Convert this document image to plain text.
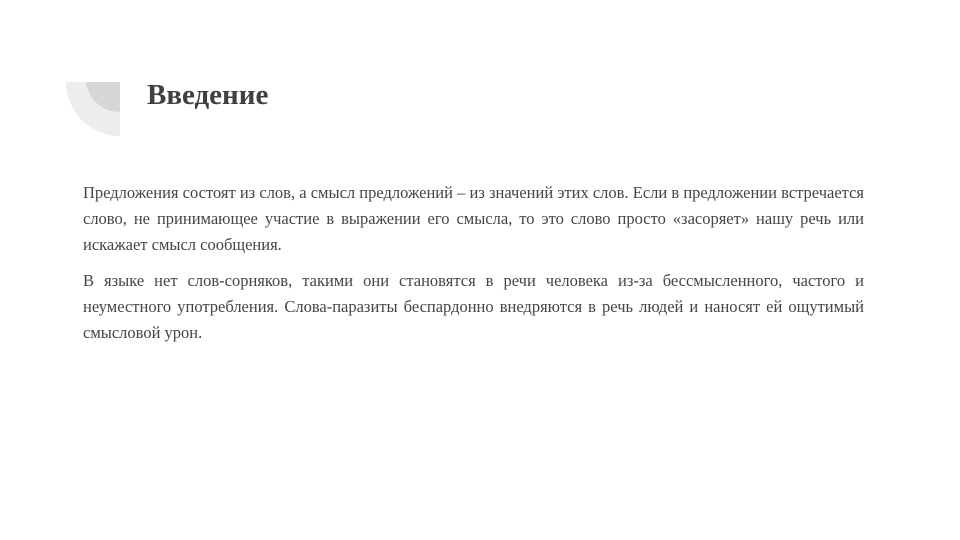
Введение

Предложения состоят из слов, а смысл предложений – из значений этих слов. Если в предложении встречается слово, не принимающее участие в выражении его смысла, то это слово просто «засоряет» нашу речь или искажает смысл сообщения.

В языке нет слов-сорняков, такими они становятся в речи человека из-за бессмысленного, частого и неуместного употребления. Слова-паразиты беспардонно внедряются в речь людей и наносят ей ощутимый смысловой урон.
